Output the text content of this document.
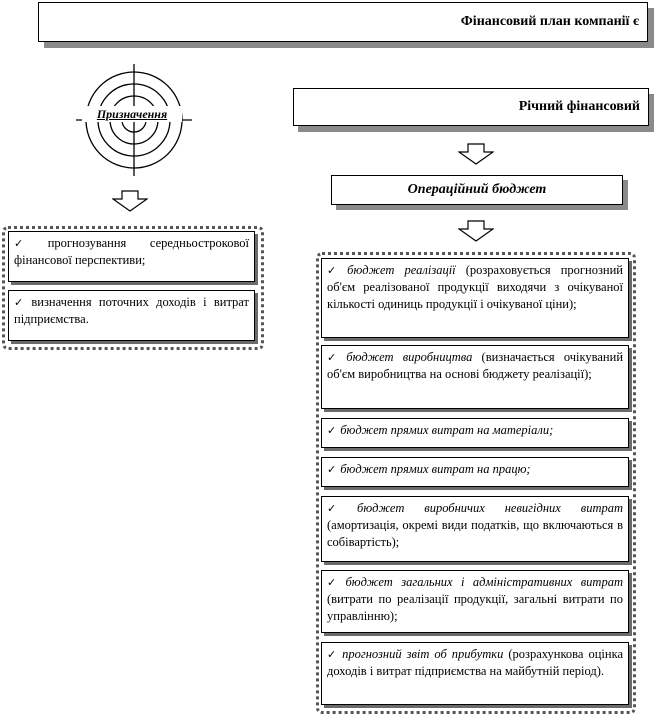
Фінансовий план компанії є
Призначення
✓ прогнозування середньострокової фінансової перспективи;
✓ визначення поточних доходів і витрат підприємства.
Річний фінансовий
Операційний бюджет
✓ бюджет реалізації (розраховується прогнозний об'єм реалізованої продукції виходячи з очікуваної кількості одиниць продукції і очікуваної ціни);
✓ бюджет виробництва (визначається очікуваний об'єм виробництва на основі бюджету реалізації);
✓ бюджет прямих витрат на матеріали;
✓ бюджет прямих витрат на працю;
✓ бюджет виробничих невигідних витрат (амортизація, окремі види податків, що включаються в собівартість);
✓ бюджет загальних і адміністративних витрат (витрати по реалізації продукції, загальні витрати по управлінню);
✓ прогнозний звіт об прибутки (розрахункова оцінка доходів і витрат підприємства на майбутній період).
